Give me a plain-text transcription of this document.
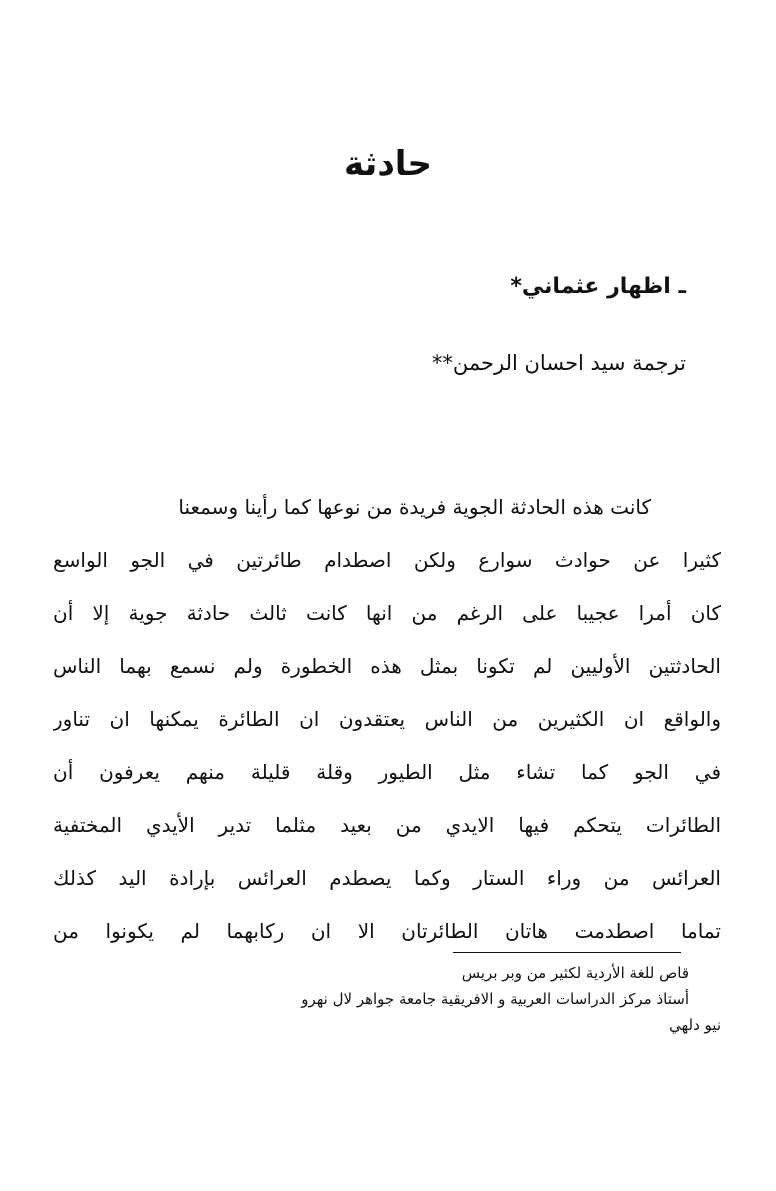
حادثة
ـ اظهار عثماني*
ترجمة سيد احسان الرحمن**
كانت هذه الحادثة الجوية فريدة من نوعها كما رأينا وسمعنا
كثيرا عن حوادث سوارع ولكن اصطدام طائرتين في الجو الواسع
كان أمرا عجيبا على الرغم من انها كانت ثالث حادثة جوية إلا أن
الحادثتين الأوليين لم تكونا بمثل هذه الخطورة ولم نسمع بهما الناس
والواقع ان الكثيرين من الناس يعتقدون ان الطائرة يمكنها ان تناور
في الجو كما تشاء مثل الطيور وقلة قليلة منهم يعرفون أن
الطائرات يتحكم فيها الايدي من بعيد مثلما تدير الأيدي المختفية
العرائس من وراء الستار وكما يصطدم العرائس بإرادة اليد كذلك
تماما اصطدمت هاتان الطائرتان الا ان ركابهما لم يكونوا من
قاص للغة الأردية لكثير من وبر بريس
أستاذ مركز الدراسات العربية و الافريقية جامعة جواهر لال نهرو
نيو دلهي
